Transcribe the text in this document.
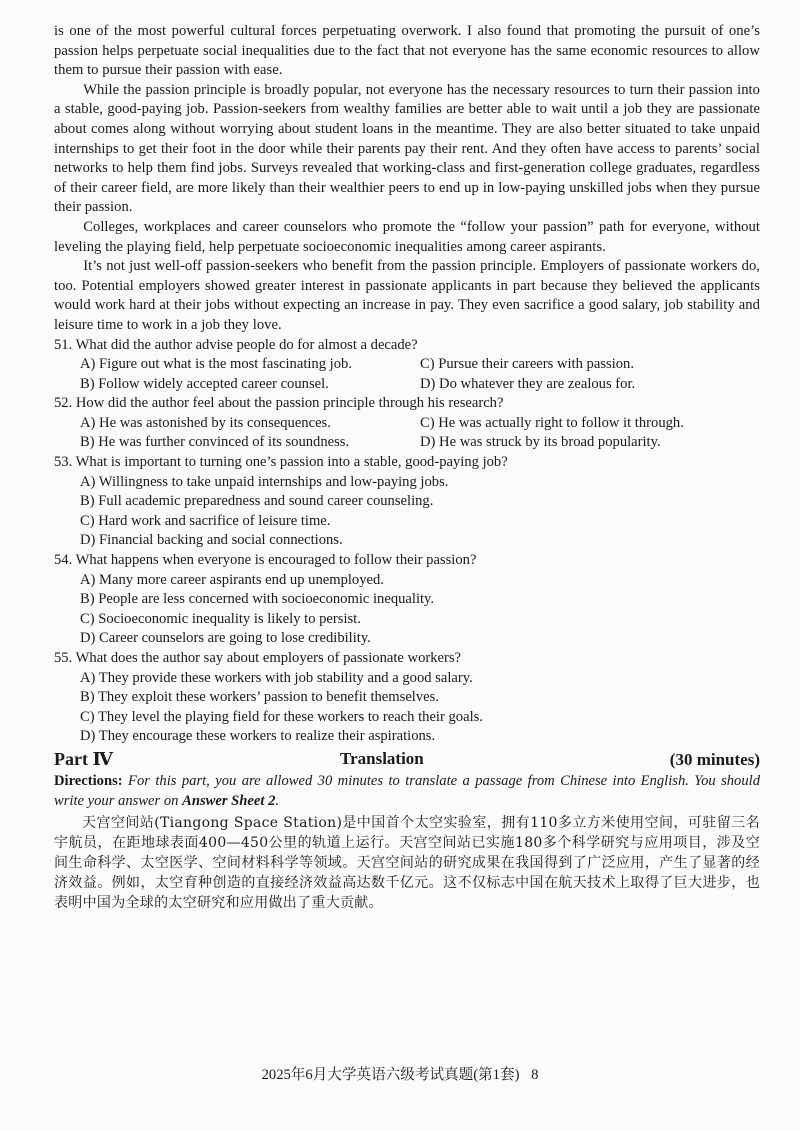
is one of the most powerful cultural forces perpetuating overwork. I also found that promoting the pursuit of one’s passion helps perpetuate social inequalities due to the fact that not everyone has the same economic resources to allow them to pursue their passion with ease.

While the passion principle is broadly popular, not everyone has the necessary resources to turn their passion into a stable, good-paying job. Passion-seekers from wealthy families are better able to wait until a job they are passionate about comes along without worrying about student loans in the meantime. They are also better situated to take unpaid internships to get their foot in the door while their parents pay their rent. And they often have access to parents’ social networks to help them find jobs. Surveys revealed that working-class and first-generation college graduates, regardless of their career field, are more likely than their wealthier peers to end up in low-paying unskilled jobs when they pursue their passion.

Colleges, workplaces and career counselors who promote the “follow your passion” path for everyone, without leveling the playing field, help perpetuate socioeconomic inequalities among career aspirants.

It’s not just well-off passion-seekers who benefit from the passion principle. Employers of passionate workers do, too. Potential employers showed greater interest in passionate applicants in part because they believed the applicants would work hard at their jobs without expecting an increase in pay. They even sacrifice a good salary, job stability and leisure time to work in a job they love.

51. What did the author advise people do for almost a decade?

A) Figure out what is the most fascinating job.	C) Pursue their careers with passion.
B) Follow widely accepted career counsel.	D) Do whatever they are zealous for.

52. How did the author feel about the passion principle through his research?

A) He was astonished by its consequences.	C) He was actually right to follow it through.
B) He was further convinced of its soundness.	D) He was struck by its broad popularity.

53. What is important to turning one’s passion into a stable, good-paying job?

A) Willingness to take unpaid internships and low-paying jobs.
B) Full academic preparedness and sound career counseling.
C) Hard work and sacrifice of leisure time.
D) Financial backing and social connections.

54. What happens when everyone is encouraged to follow their passion?

A) Many more career aspirants end up unemployed.
B) People are less concerned with socioeconomic inequality.
C) Socioeconomic inequality is likely to persist.
D) Career counselors are going to lose credibility.

55. What does the author say about employers of passionate workers?

A) They provide these workers with job stability and a good salary.
B) They exploit these workers’ passion to benefit themselves.
C) They level the playing field for these workers to reach their goals.
D) They encourage these workers to realize their aspirations.
Part Ⅳ	Translation	(30 minutes)

Directions: For this part, you are allowed 30 minutes to translate a passage from Chinese into English. You should write your answer on Answer Sheet 2.

天宫空间站(Tiangong Space Station)是中国首个太空实验室，拥有110多立方米使用空间，可驻留三名宇航员，在距地球表面400—450公里的轨道上运行。天宫空间站已实施180多个科学研究与应用项目，涉及空间生命科学、太空医学、空间材料科学等领域。天宫空间站的研究成果在我国得到了广泛应用，产生了显著的经济效益。例如，太空育种创造的直接经济效益高达数千亿元。这不仅标志中国在航天技术上取得了巨大进步，也表明中国为全球的太空研究和应用做出了重大贡献。

2025年6月大学英语六级考试真题(第1套) 8
